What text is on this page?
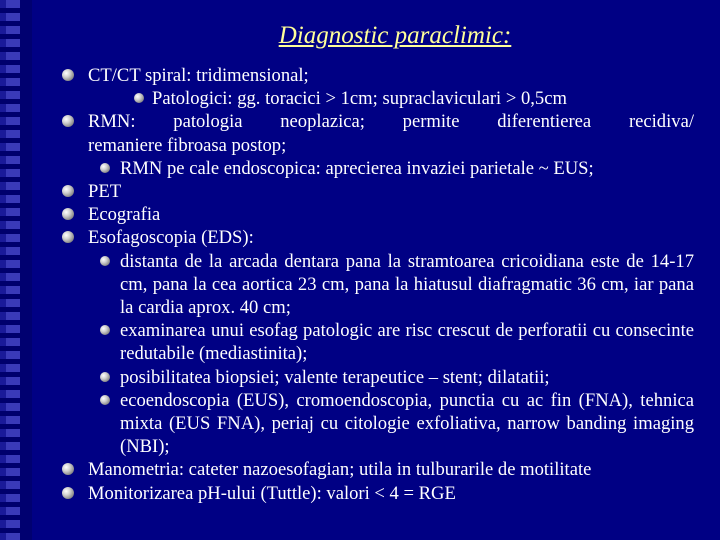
Diagnostic paraclimic:
CT/CT spiral: tridimensional;
Patologici: gg. toracici > 1cm; supraclaviculari > 0,5cm
RMN: patologia neoplazica; permite diferentierea recidiva/
remaniere fibroasa postop;
RMN pe cale endoscopica: aprecierea invaziei parietale ~ EUS;
PET
Ecografia
Esofagoscopia (EDS):
distanta de la arcada dentara pana la stramtoarea cricoidiana este de 14-17 cm, pana la cea aortica 23 cm, pana la hiatusul diafragmatic 36 cm, iar pana la cardia aprox. 40 cm;
examinarea unui esofag patologic are risc crescut de perforatii cu consecinte redutabile (mediastinita);
posibilitatea biopsiei; valente terapeutice – stent; dilatatii;
ecoendoscopia (EUS), cromoendoscopia, punctia cu ac fin (FNA), tehnica mixta (EUS FNA), periaj cu citologie exfoliativa, narrow banding imaging (NBI);
Manometria: cateter nazoesofagian; utila in tulburarile de motilitate
Monitorizarea pH-ului (Tuttle): valori < 4 = RGE
